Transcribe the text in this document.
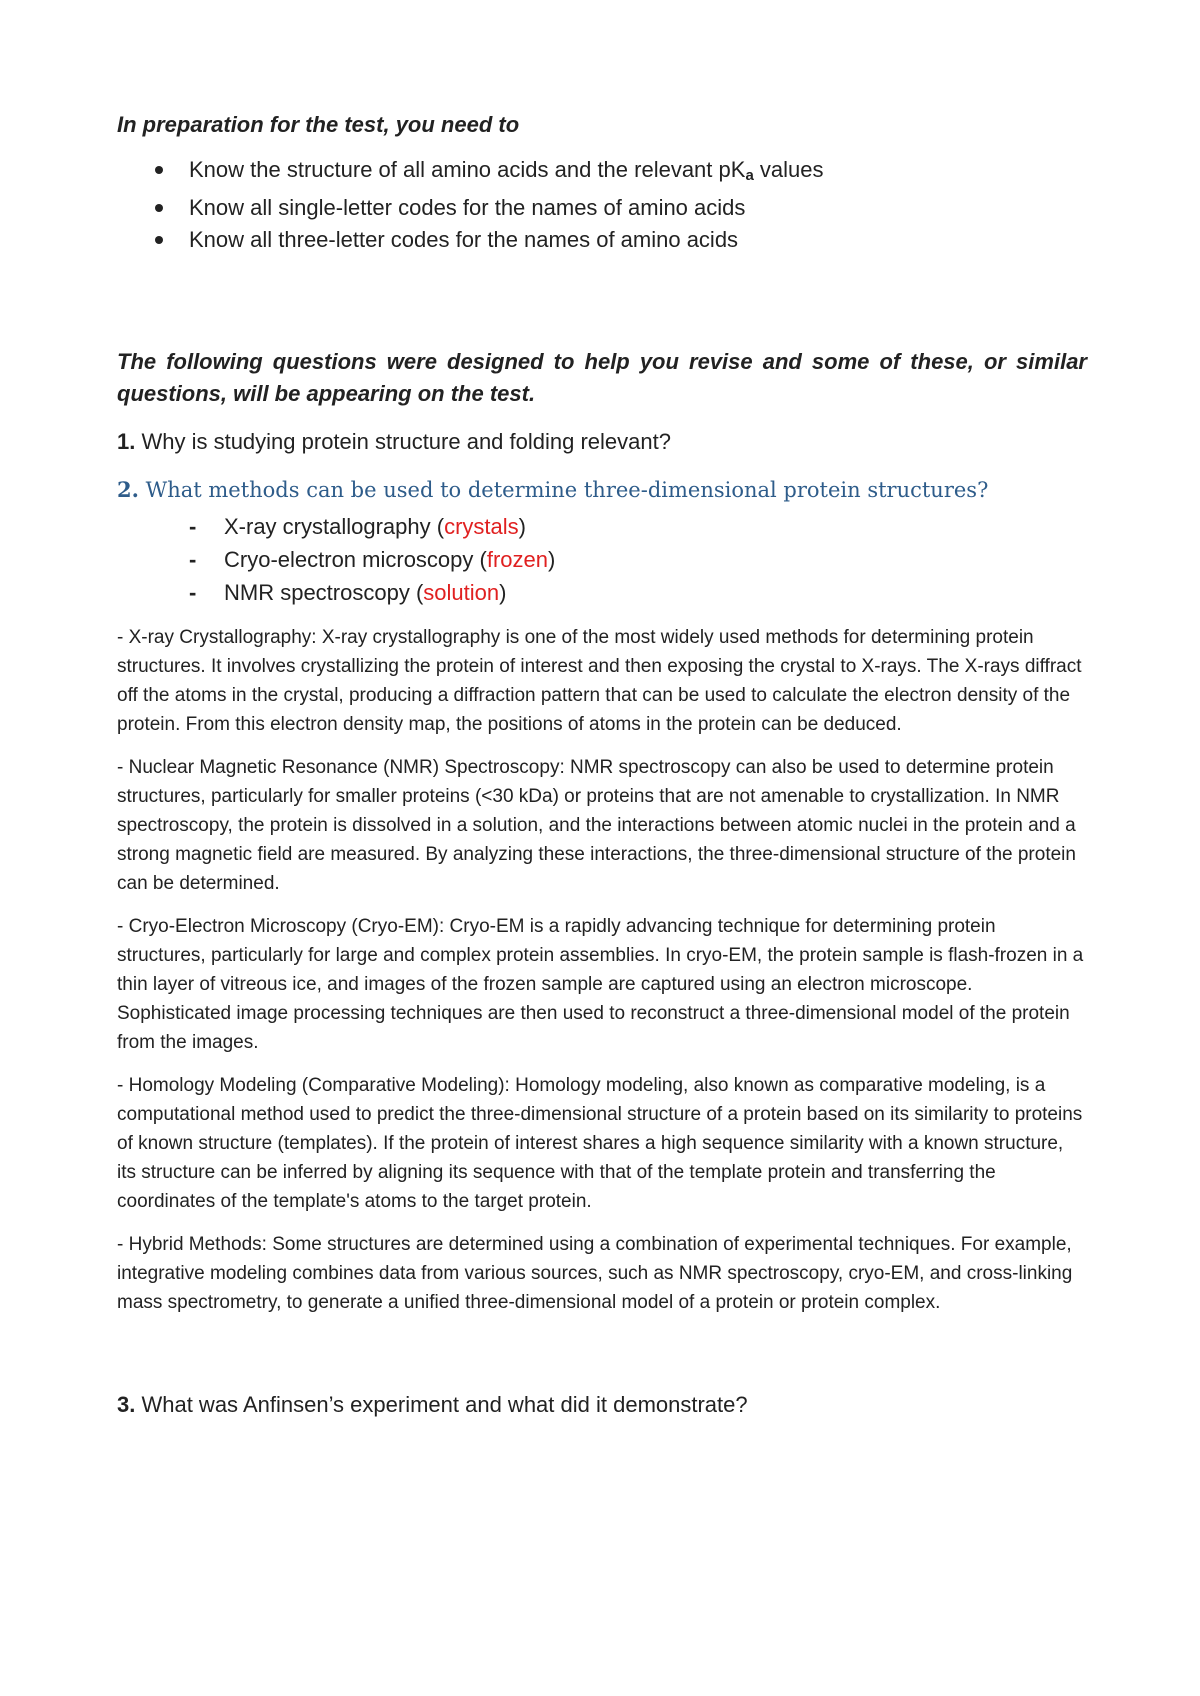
In preparation for the test, you need to

Know the structure of all amino acids and the relevant $pK_a$ values
Know all single-letter codes for the names of amino acids
Know all three-letter codes for the names of amino acids

The following questions were designed to help you revise and some of these, or similar questions, will be appearing on the test.

1. Why is studying protein structure and folding relevant?

2. What methods can be used to determine three-dimensional protein structures?

- X-ray crystallography (crystals)
- Cryo-electron microscopy (frozen)
- NMR spectroscopy (solution)

- X-ray Crystallography: X-ray crystallography is one of the most widely used methods for determining protein structures. It involves crystallizing the protein of interest and then exposing the crystal to X-rays. The X-rays diffract off the atoms in the crystal, producing a diffraction pattern that can be used to calculate the electron density of the protein. From this electron density map, the positions of atoms in the protein can be deduced.

- Nuclear Magnetic Resonance (NMR) Spectroscopy: NMR spectroscopy can also be used to determine protein structures, particularly for smaller proteins (<30 kDa) or proteins that are not amenable to crystallization. In NMR spectroscopy, the protein is dissolved in a solution, and the interactions between atomic nuclei in the protein and a strong magnetic field are measured. By analyzing these interactions, the three-dimensional structure of the protein can be determined.

- Cryo-Electron Microscopy (Cryo-EM): Cryo-EM is a rapidly advancing technique for determining protein structures, particularly for large and complex protein assemblies. In cryo-EM, the protein sample is flash-frozen in a thin layer of vitreous ice, and images of the frozen sample are captured using an electron microscope. Sophisticated image processing techniques are then used to reconstruct a three-dimensional model of the protein from the images.

- Homology Modeling (Comparative Modeling): Homology modeling, also known as comparative modeling, is a computational method used to predict the three-dimensional structure of a protein based on its similarity to proteins of known structure (templates). If the protein of interest shares a high sequence similarity with a known structure, its structure can be inferred by aligning its sequence with that of the template protein and transferring the coordinates of the template's atoms to the target protein.

- Hybrid Methods: Some structures are determined using a combination of experimental techniques. For example, integrative modeling combines data from various sources, such as NMR spectroscopy, cryo-EM, and cross-linking mass spectrometry, to generate a unified three-dimensional model of a protein or protein complex.

3. What was Anfinsen’s experiment and what did it demonstrate?
